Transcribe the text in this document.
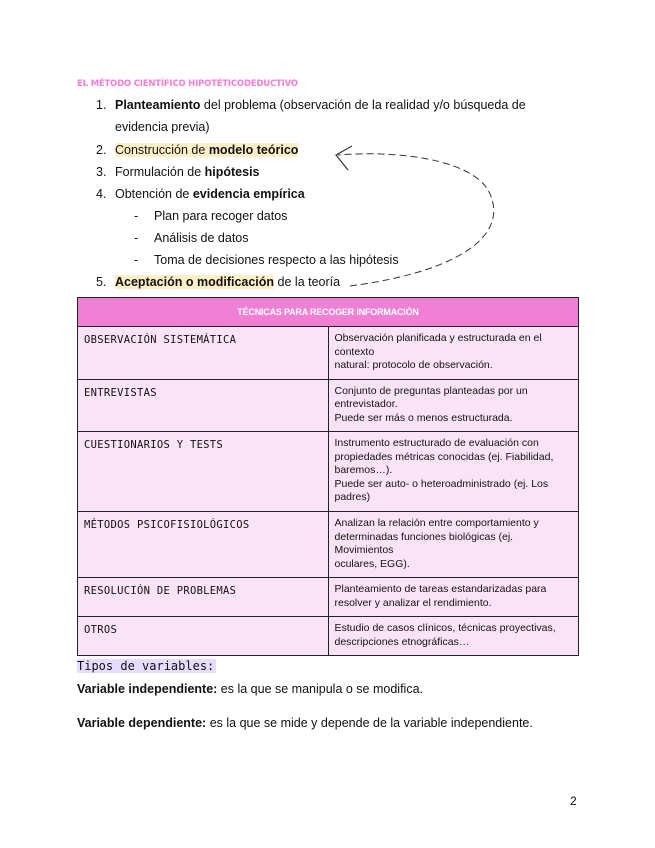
EL MÉTODO CIENTÍFICO HIPOTÉTICODEDUCTIVO
1. Planteamiento del problema (observación de la realidad y/o búsqueda de
evidencia previa)
2. Construcción de modelo teórico
3. Formulación de hipótesis
4. Obtención de evidencia empírica
- Plan para recoger datos
- Análisis de datos
- Toma de decisiones respecto a las hipótesis
5. Aceptación o modificación de la teoría
TÉCNICAS PARA RECOGER INFORMACIÓN	
OBSERVACIÓN SISTEMÁTICA	Observación planificada y estructurada en el contexto
natural: protocolo de observación.

ENTREVISTAS	Conjunto de preguntas planteadas por un
entrevistador.
Puede ser más o menos estructurada.

CUESTIONARIOS Y TESTS	Instrumento estructurado de evaluación con
propiedades métricas conocidas (ej. Fiabilidad,
baremos…).
Puede ser auto- o heteroadministrado (ej. Los
padres)

MÉTODOS PSICOFISIOLÓGICOS	Analizan la relación entre comportamiento y
determinadas funciones biológicas (ej. Movimientos
oculares, EGG).

RESOLUCIÓN DE PROBLEMAS	Planteamiento de tareas estandarizadas para
resolver y analizar el rendimiento.

OTROS	Estudio de casos clínicos, técnicas proyectivas,
descripciones etnográficas…
Tipos de variables:
Variable independiente: es la que se manipula o se modifica.
Variable dependiente: es la que se mide y depende de la variable independiente.
2
